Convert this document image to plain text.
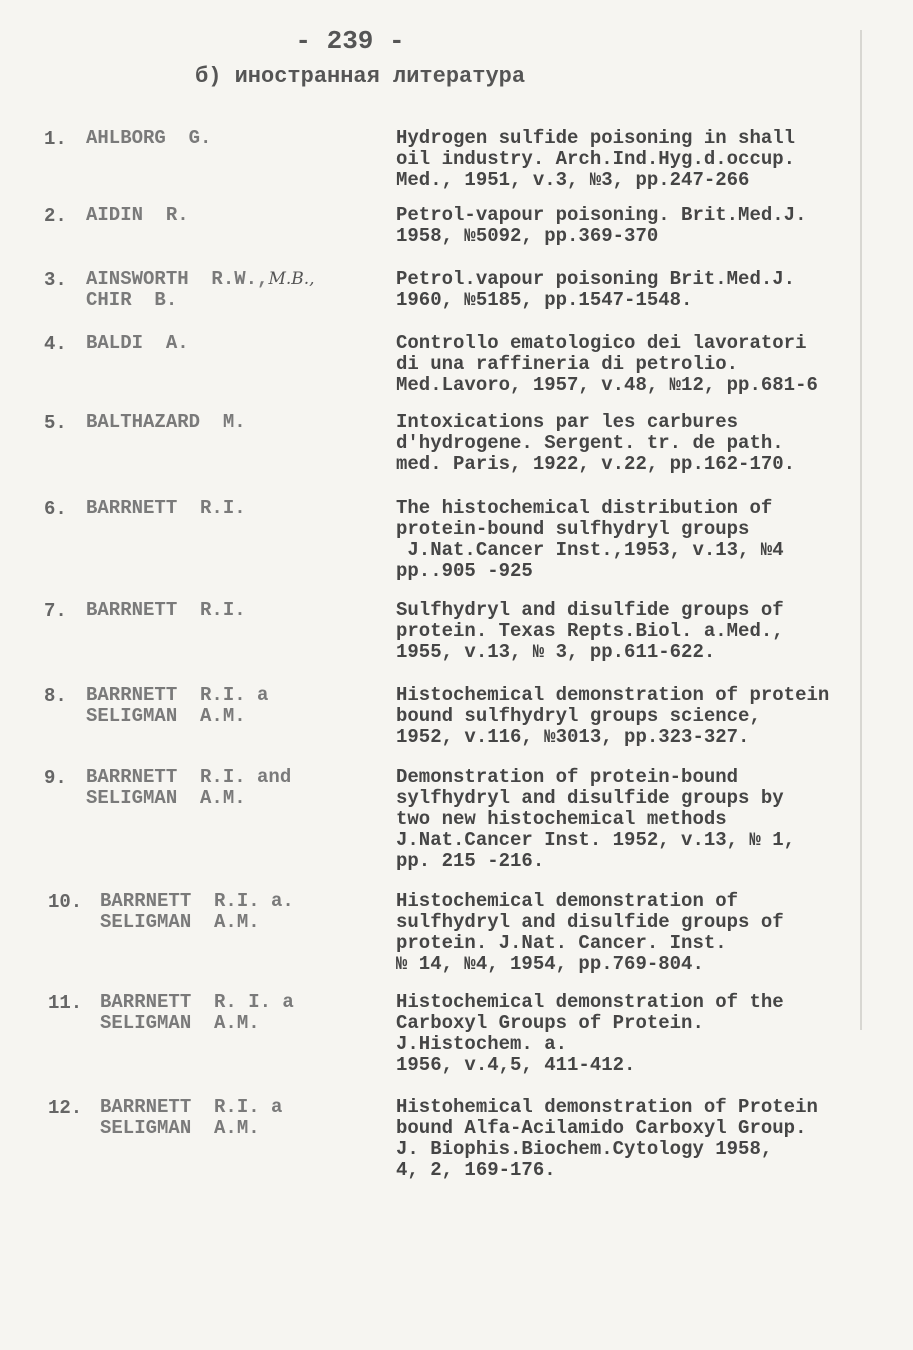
- 239 -
б) иностранная литература
1. AHLBORG  G.	Hydrogen sulfide poisoning in shall
oil industry. Arch.Ind.Hyg.d.occup.
Med., 1951, v.3, №3, pp.247-266
2. AIDIN  R.	Petrol-vapour poisoning. Brit.Med.J.
1958, №5092, pp.369-370
3. AINSWORTH  R.W.,M.B.,
CHIR  B.
Petrol.vapour poisoning Brit.Med.J.
1960, №5185, pp.1547-1548.
4. BALDI  A.	Controllo ematologico dei lavoratori
di una raffineria di petrolio.
Med.Lavoro, 1957, v.48, №12, pp.681-6
5. BALTHAZARD  M.	Intoxications par les carbures
d'hydrogene. Sergent. tr. de path.
med. Paris, 1922, v.22, pp.162-170.
6. BARRNETT  R.I.	The histochemical distribution of
protein-bound sulfhydryl groups
J.Nat.Cancer Inst.,1953, v.13, №4
pp..905 -925
7. BARRNETT  R.I.	Sulfhydryl and disulfide groups of
protein. Texas Repts.Biol. a.Med.,
1955, v.13, № 3, pp.611-622.
8. BARRNETT  R.I. a
SELIGMAN  A.M.
Histochemical demonstration of protein
bound sulfhydryl groups science,
1952, v.116, №3013, pp.323-327.
9. BARRNETT  R.I. and
SELIGMAN  A.M.
Demonstration of protein-bound
sylfhydryl and disulfide groups by
two new histochemical methods
J.Nat.Cancer Inst. 1952, v.13, № 1,
pp. 215 -216.
10. BARRNETT  R.I. a.
SELIGMAN  A.M.
Histochemical demonstration of
sulfhydryl and disulfide groups of
protein. J.Nat. Cancer. Inst.
№ 14, №4, 1954, pp.769-804.
11. BARRNETT  R. I. a
SELIGMAN  A.M.
Histochemical demonstration of the
Carboxyl Groups of Protein.
J.Histochem. a.
1956, v.4,5, 411-412.
12. BARRNETT  R.I. a
SELIGMAN  A.M.
Histohemical demonstration of Protein
bound Alfa-Acilamido Carboxyl Group.
J. Biophis.Biochem.Cytology 1958,
4, 2, 169-176.
